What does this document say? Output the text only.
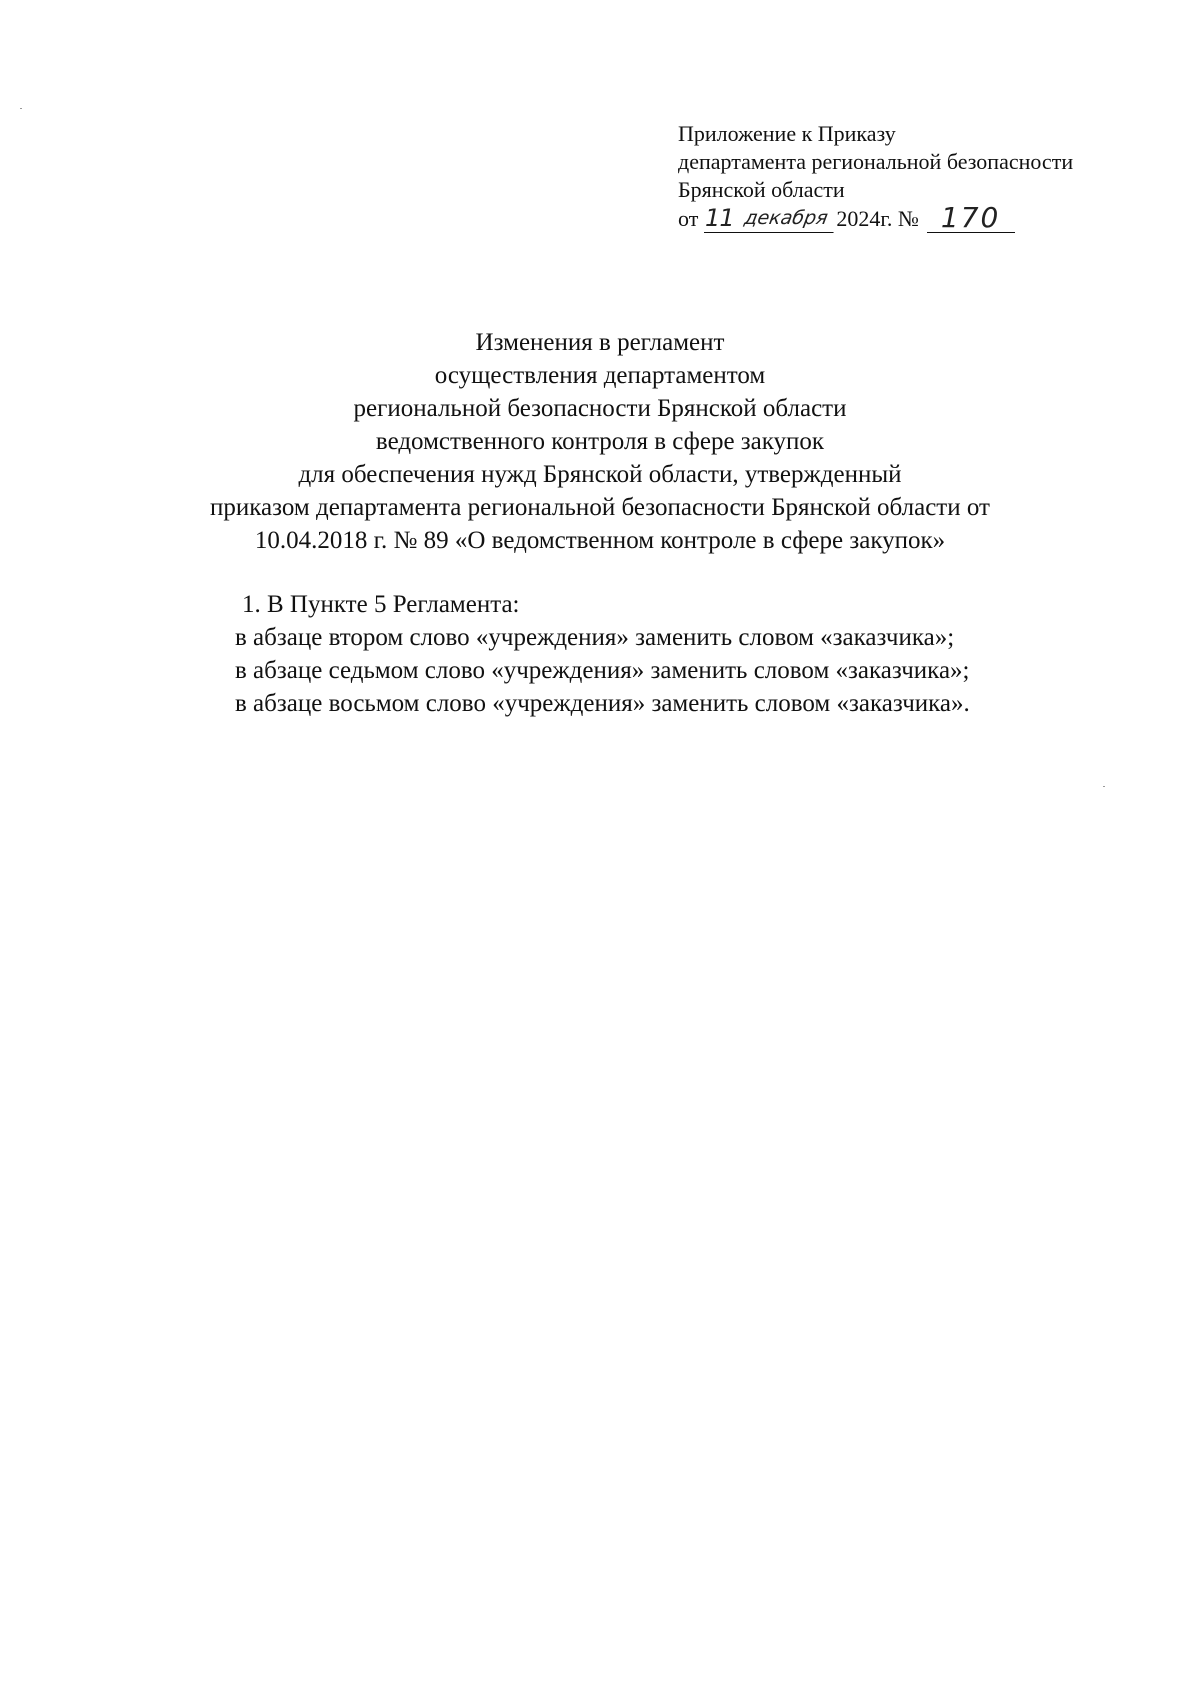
Приложение к Приказу
департамента региональной безопасности
Брянской области
от 11 декабря 2024г. № 170
Изменения в регламент
осуществления департаментом
региональной безопасности Брянской области
ведомственного контроля в сфере закупок
для обеспечения нужд Брянской области, утвержденный
приказом департамента региональной безопасности Брянской области от
10.04.2018 г. № 89 «О ведомственном контроле в сфере закупок»
1. В Пункте 5 Регламента:
в абзаце втором слово «учреждения» заменить словом «заказчика»;
в абзаце седьмом слово «учреждения» заменить словом «заказчика»;
в абзаце восьмом слово «учреждения» заменить словом «заказчика».
